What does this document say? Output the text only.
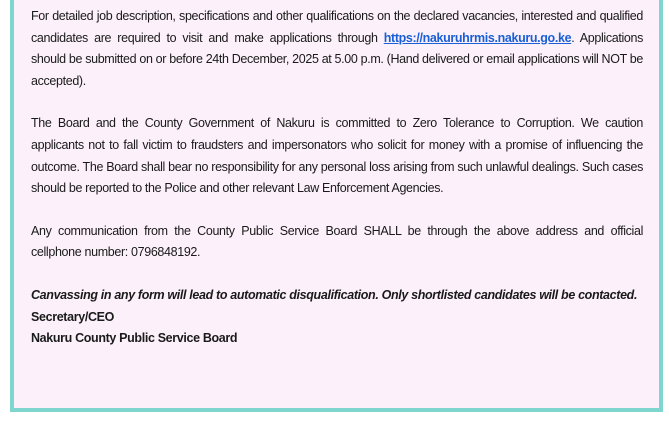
For detailed job description, specifications and other qualifications on the declared vacancies, interested and qualified candidates are required to visit and make applications through https://nakuruhrmis.nakuru.go.ke. Applications should be submitted on or before 24th December, 2025 at 5.00 p.m. (Hand delivered or email applications will NOT be accepted).

The Board and the County Government of Nakuru is committed to Zero Tolerance to Corruption. We caution applicants not to fall victim to fraudsters and impersonators who solicit for money with a promise of influencing the outcome. The Board shall bear no responsibility for any personal loss arising from such unlawful dealings. Such cases should be reported to the Police and other relevant Law Enforcement Agencies.

Any communication from the County Public Service Board SHALL be through the above address and official cellphone number: 0796848192.

Canvassing in any form will lead to automatic disqualification. Only shortlisted candidates will be contacted.

Secretary/CEO

Nakuru County Public Service Board
